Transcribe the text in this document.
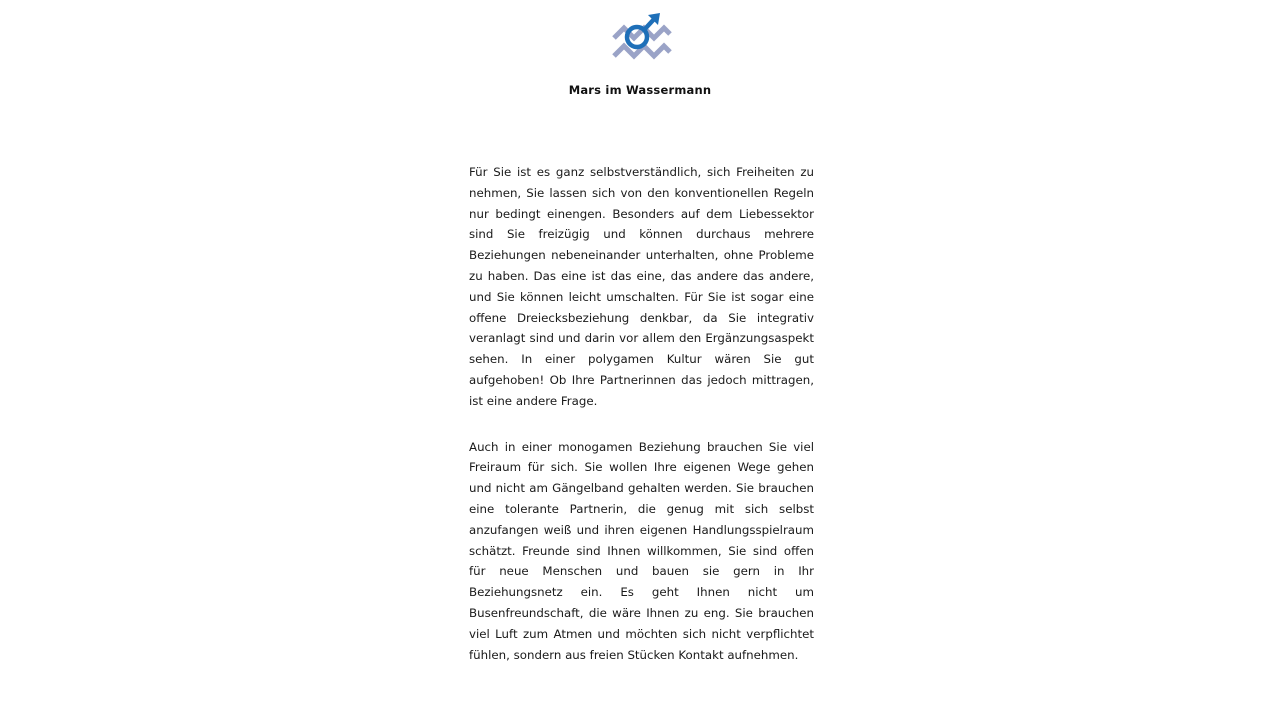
Mars im Wassermann

Für Sie ist es ganz selbstverständlich, sich Freiheiten zu nehmen, Sie lassen sich von den konventionellen Regeln nur bedingt einengen. Besonders auf dem Liebessektor sind Sie freizügig und können durchaus mehrere Beziehungen nebeneinander unterhalten, ohne Probleme zu haben. Das eine ist das eine, das andere das andere, und Sie können leicht umschalten. Für Sie ist sogar eine offene Dreiecksbeziehung denkbar, da Sie integrativ veranlagt sind und darin vor allem den Ergänzungsaspekt sehen. In einer polygamen Kultur wären Sie gut aufgehoben! Ob Ihre Partnerinnen das jedoch mittragen, ist eine andere Frage.

Auch in einer monogamen Beziehung brauchen Sie viel Freiraum für sich. Sie wollen Ihre eigenen Wege gehen und nicht am Gängelband gehalten werden. Sie brauchen eine tolerante Partnerin, die genug mit sich selbst anzufangen weiß und ihren eigenen Handlungsspielraum schätzt. Freunde sind Ihnen willkommen, Sie sind offen für neue Menschen und bauen sie gern in Ihr Beziehungsnetz ein. Es geht Ihnen nicht um Busenfreundschaft, die wäre Ihnen zu eng. Sie brauchen viel Luft zum Atmen und möchten sich nicht verpflichtet fühlen, sondern aus freien Stücken Kontakt aufnehmen.
